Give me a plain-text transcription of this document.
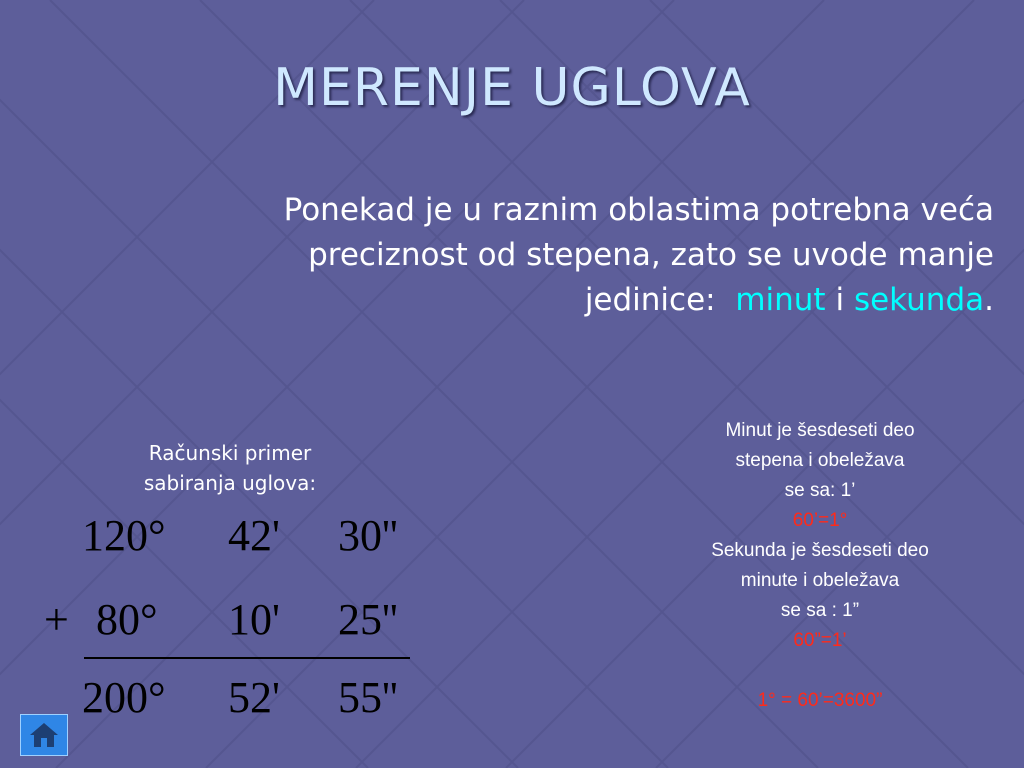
MERENJE UGLOVA
Ponekad je u raznim oblastima potrebna veća
preciznost od stepena, zato se uvode manje
jedinice: minut i sekunda.
Računski primer
sabiranja uglova:
120° 42' 30''
+ 80° 10' 25''
200° 52' 55''
Minut je šesdeseti deo
stepena i obeležava
se sa: 1’
60’=1°
Sekunda je šesdeseti deo
minute i obeležava
se sa : 1”
60”=1’

1° = 60’=3600”
